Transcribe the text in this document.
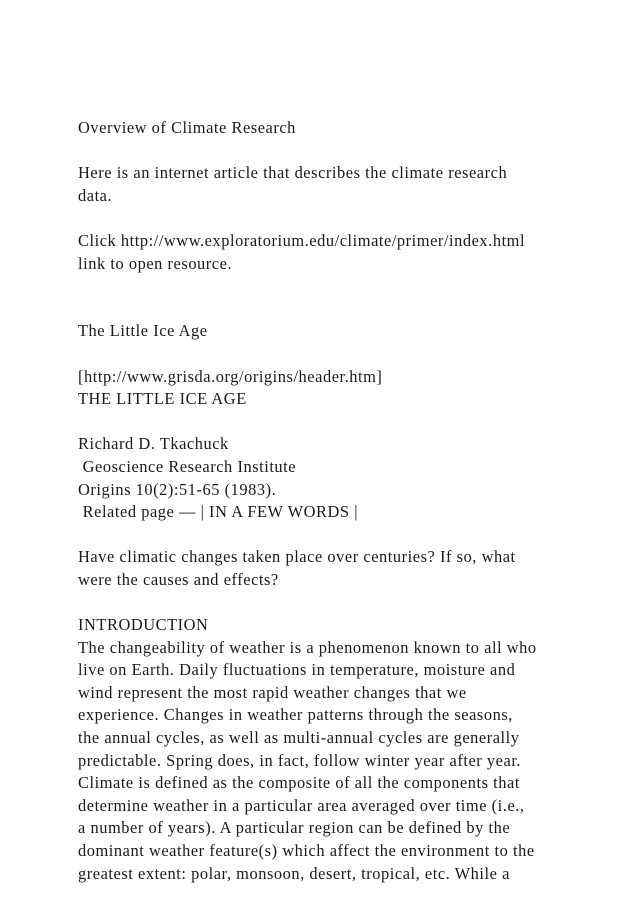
Overview of Climate Research
Here is an internet article that describes the climate research
data.
Click http://www.exploratorium.edu/climate/primer/index.html
link to open resource.
The Little Ice Age
[http://www.grisda.org/origins/header.htm]
THE LITTLE ICE AGE
Richard D. Tkachuck
Geoscience Research Institute
Origins 10(2):51-65 (1983).
Related page — | IN A FEW WORDS |
Have climatic changes taken place over centuries? If so, what
were the causes and effects?
INTRODUCTION
The changeability of weather is a phenomenon known to all who
live on Earth. Daily fluctuations in temperature, moisture and
wind represent the most rapid weather changes that we
experience. Changes in weather patterns through the seasons,
the annual cycles, as well as multi-annual cycles are generally
predictable. Spring does, in fact, follow winter year after year.
Climate is defined as the composite of all the components that
determine weather in a particular area averaged over time (i.e.,
a number of years). A particular region can be defined by the
dominant weather feature(s) which affect the environment to the
greatest extent: polar, monsoon, desert, tropical, etc. While a
